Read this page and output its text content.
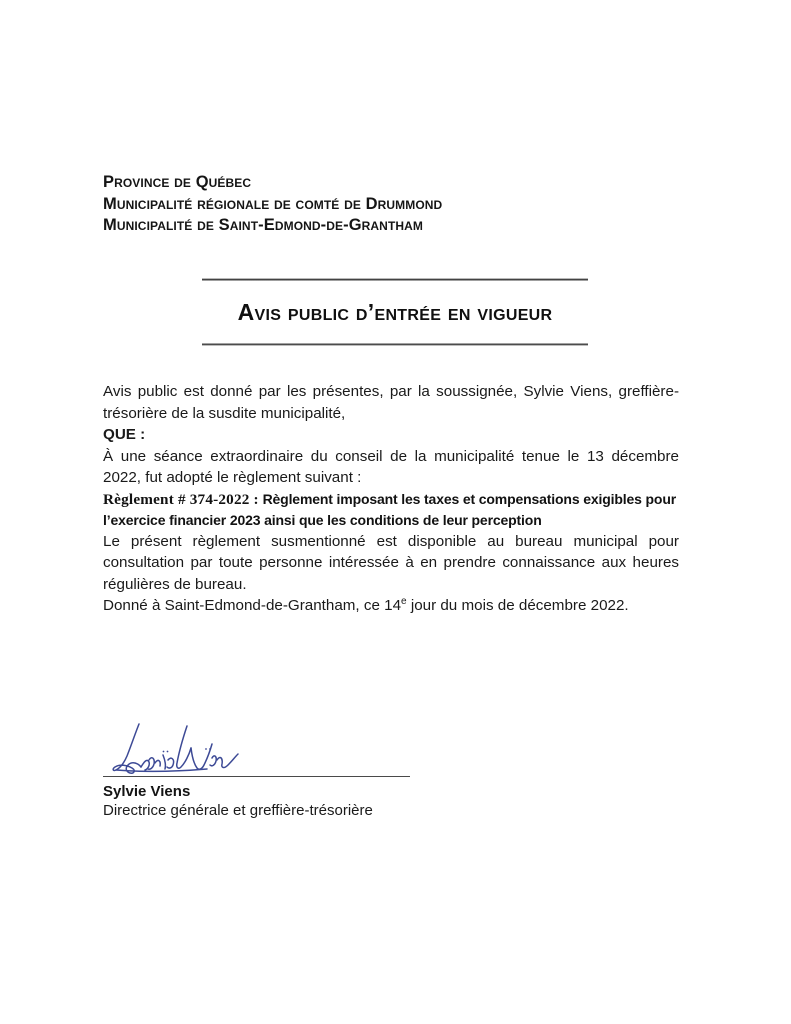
Province de Québec
Municipalité régionale de comté de Drummond
Municipalité de Saint-Edmond-de-Grantham
Avis public d’entrée en vigueur

Avis public est donné par les présentes, par la soussignée, Sylvie Viens, greffière-trésorière de la susdite municipalité,

QUE :

À une séance extraordinaire du conseil de la municipalité tenue le 13 décembre 2022, fut adopté le règlement suivant :

Règlement # 374-2022 : Règlement imposant les taxes et compensations exigibles pour l’exercice financier 2023 ainsi que les conditions de leur perception

Le présent règlement susmentionné est disponible au bureau municipal pour consultation par toute personne intéressée à en prendre connaissance aux heures régulières de bureau.

Donné à Saint-Edmond-de-Grantham, ce 14e jour du mois de décembre 2022.

Sylvie Viens
Directrice générale et greffière-trésorière
